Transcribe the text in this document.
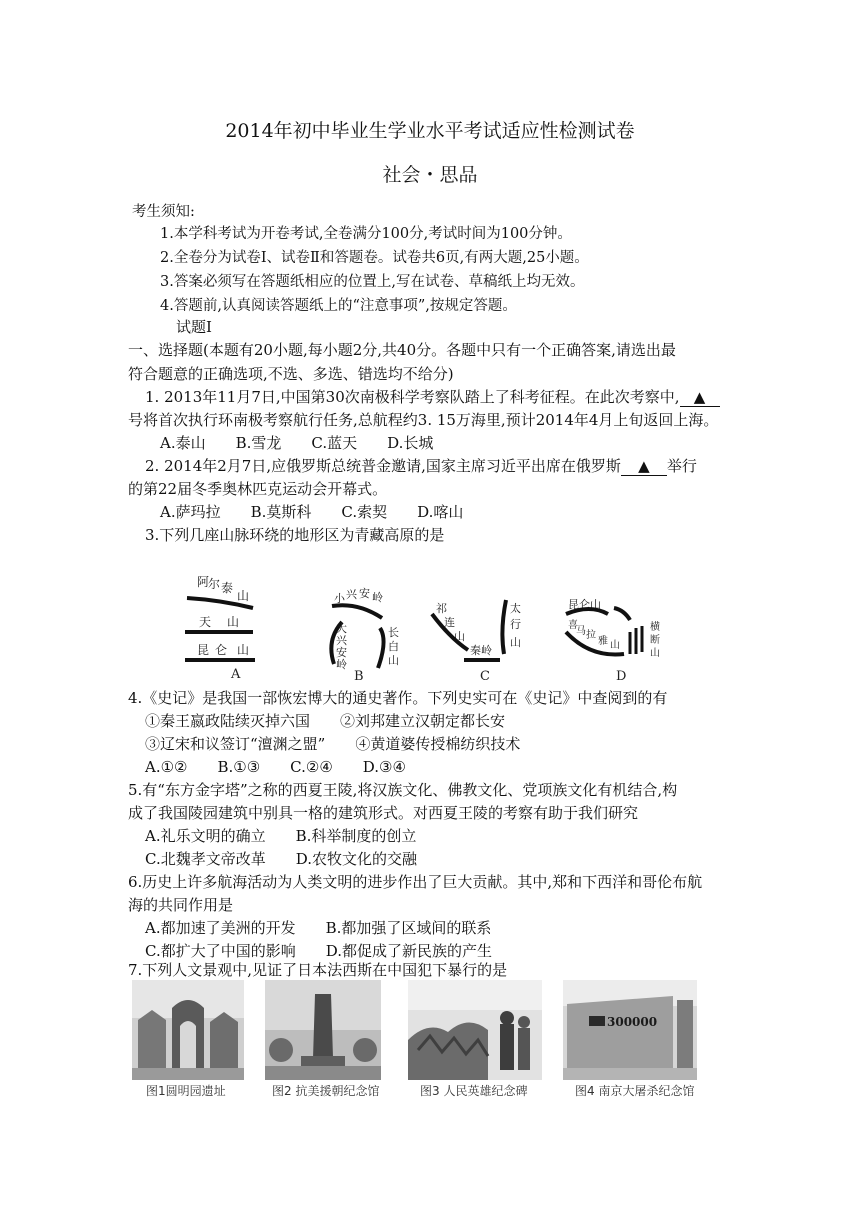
2014年初中毕业生学业水平考试适应性检测试卷
社会・思品
考生须知:
1.本学科考试为开卷考试,全卷满分100分,考试时间为100分钟。
2.全卷分为试卷Ⅰ、试卷Ⅱ和答题卷。试卷共6页,有两大题,25小题。
3.答案必须写在答题纸相应的位置上,写在试卷、草稿纸上均无效。
4.答题前,认真阅读答题纸上的“注意事项”,按规定答题。
试题Ⅰ
一、选择题(本题有20小题,每小题2分,共40分。各题中只有一个正确答案,请选出最
符合题意的正确选项,不选、多选、错选均不给分)
1. 2013年11月7日,中国第30次南极科学考察队踏上了科考征程。在此次考察中, ▲
号将首次执行环南极考察航行任务,总航程约3. 15万海里,预计2014年4月上旬返回上海。
A.泰山　　B.雪龙　　C.蓝天　　D.长城
2. 2014年2月7日,应俄罗斯总统普金邀请,国家主席习近平出席在俄罗斯 ▲ 举行
的第22届冬季奥林匹克运动会开幕式。
A.萨玛拉　　B.莫斯科　　C.索契　　D.喀山
3.下列几座山脉环绕的地形区为青藏高原的是
阿
尔 泰
山
天 山
昆 仑 山
A
小 兴 安 岭
大
兴
安
岭
长
白
山
B
祁
连
山
太
行
山
秦岭
C
昆仑山
喜
马 拉
雅 山
横
断
山
D
4.《史记》是我国一部恢宏博大的通史著作。下列史实可在《史记》中查阅到的有
①秦王嬴政陆续灭掉六国　　②刘邦建立汉朝定都长安
③辽宋和议签订“澶渊之盟”　　④黄道婆传授棉纺织技术
A.①②　　B.①③　　C.②④　　D.③④
5.有“东方金字塔”之称的西夏王陵,将汉族文化、佛教文化、党项族文化有机结合,构
成了我国陵园建筑中别具一格的建筑形式。对西夏王陵的考察有助于我们研究
A.礼乐文明的确立　　B.科举制度的创立
C.北魏孝文帝改革　　D.农牧文化的交融
6.历史上许多航海活动为人类文明的进步作出了巨大贡献。其中,郑和下西洋和哥伦布航
海的共同作用是
A.都加速了美洲的开发　　B.都加强了区域间的联系
C.都扩大了中国的影响　　D.都促成了新民族的产生
7.下列人文景观中,见证了日本法西斯在中国犯下暴行的是
图1圆明园遗址	图2 抗美援朝纪念馆	图3 人民英雄纪念碑
300000
图4 南京大屠杀纪念馆
